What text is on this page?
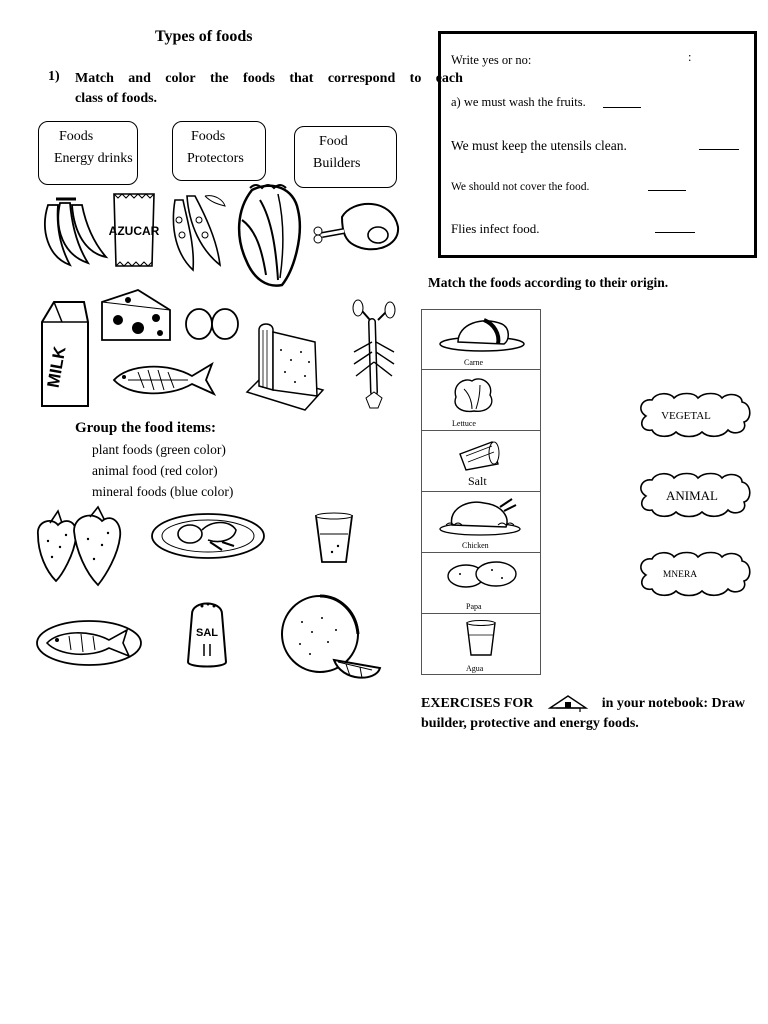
Types of foods
1) Match and color the foods that correspond to each
class of foods.
Foods
Energy drinks
Foods
Protectors
Food
Builders
AZUCAR
MILK
Group the food items:
plant foods (green color)
animal food (red color)
mineral foods (blue color)
SAL
Write yes or no:	:
a) we must wash the fruits.
We must keep the utensils clean.
We should not cover the food.
Flies infect food.
Match the foods according to their origin.
Carne
Lettuce
Salt
Chicken
Papa
Agua
VEGETAL
ANIMAL
MNERA
EXERCISES FOR	in your notebook: Draw
builder, protective and energy foods.
